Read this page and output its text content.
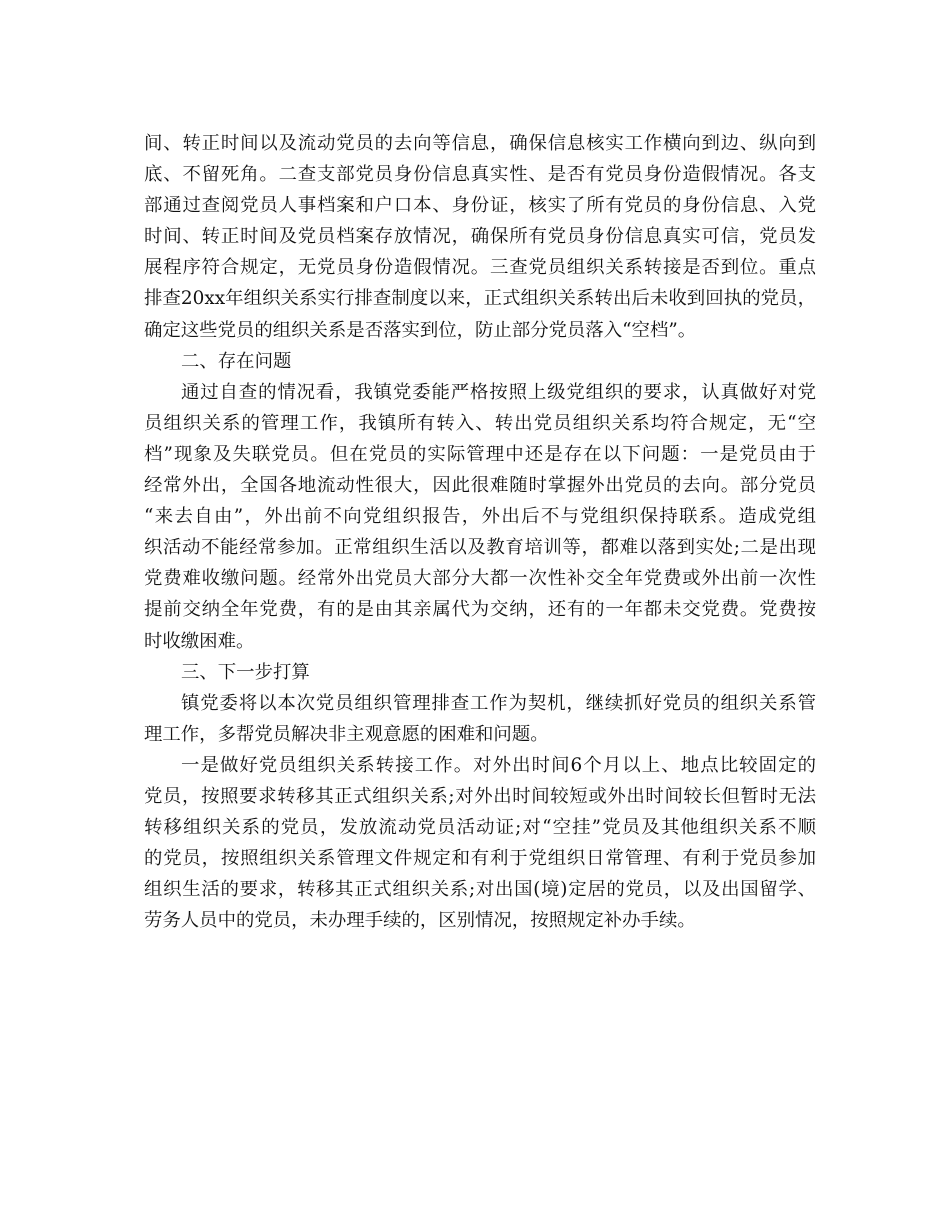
间、转正时间以及流动党员的去向等信息，确保信息核实工作横向到边、纵向到
底、不留死角。二查支部党员身份信息真实性、是否有党员身份造假情况。各支
部通过查阅党员人事档案和户口本、身份证，核实了所有党员的身份信息、入党
时间、转正时间及党员档案存放情况，确保所有党员身份信息真实可信，党员发
展程序符合规定，无党员身份造假情况。三查党员组织关系转接是否到位。重点
排查20xx年组织关系实行排查制度以来，正式组织关系转出后未收到回执的党员，
确定这些党员的组织关系是否落实到位，防止部分党员落入“空档”。
二、存在问题
通过自查的情况看，我镇党委能严格按照上级党组织的要求，认真做好对党
员组织关系的管理工作，我镇所有转入、转出党员组织关系均符合规定，无“空
档”现象及失联党员。但在党员的实际管理中还是存在以下问题：一是党员由于
经常外出，全国各地流动性很大，因此很难随时掌握外出党员的去向。部分党员
“来去自由”，外出前不向党组织报告，外出后不与党组织保持联系。造成党组
织活动不能经常参加。正常组织生活以及教育培训等，都难以落到实处;二是出现
党费难收缴问题。经常外出党员大部分大都一次性补交全年党费或外出前一次性
提前交纳全年党费，有的是由其亲属代为交纳，还有的一年都未交党费。党费按
时收缴困难。
三、下一步打算
镇党委将以本次党员组织管理排查工作为契机，继续抓好党员的组织关系管
理工作，多帮党员解决非主观意愿的困难和问题。
一是做好党员组织关系转接工作。对外出时间6个月以上、地点比较固定的
党员，按照要求转移其正式组织关系;对外出时间较短或外出时间较长但暂时无法
转移组织关系的党员，发放流动党员活动证;对“空挂”党员及其他组织关系不顺
的党员，按照组织关系管理文件规定和有利于党组织日常管理、有利于党员参加
组织生活的要求，转移其正式组织关系;对出国(境)定居的党员，以及出国留学、
劳务人员中的党员，未办理手续的，区别情况，按照规定补办手续。
